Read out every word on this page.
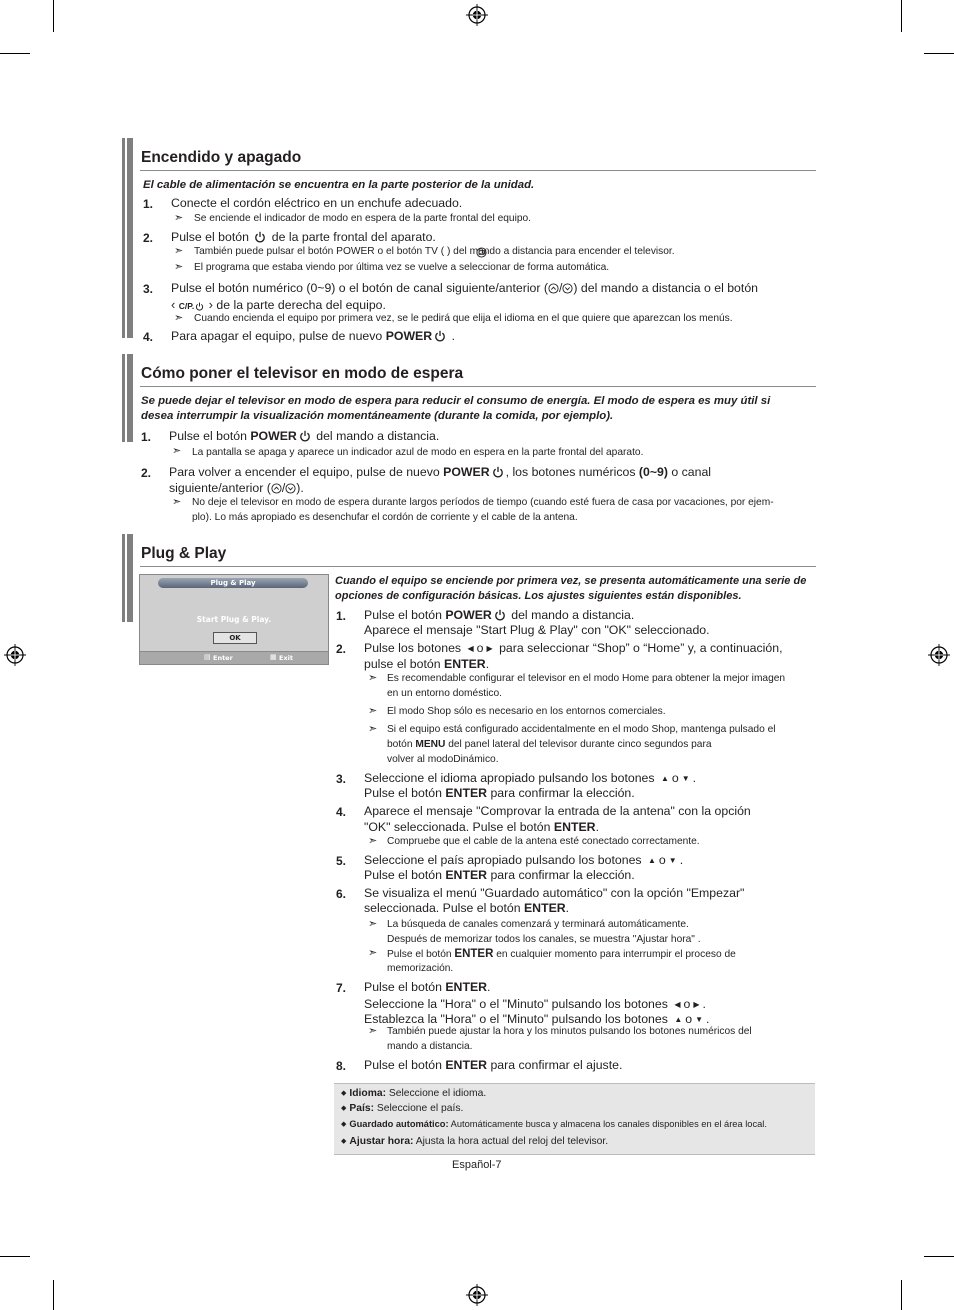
Encendido y apagado
El cable de alimentación se encuentra en la parte posterior de la unidad.
1. Conecte el cordón eléctrico en un enchufe adecuado.
➣ Se enciende el indicador de modo en espera de la parte frontal del equipo.
2. Pulse el botón de la parte frontal del aparato.
➣ También puede pulsar el botón POWER o el botón TV ( ) del mando a distancia para encender el televisor.
➣ El programa que estaba viendo por última vez se vuelve a seleccionar de forma automática.
3. Pulse el botón numérico (0~9) o el botón de canal siguiente/anterior ( / ) del mando a distancia o el botón
‹ C/P. › de la parte derecha del equipo.
➣ Cuando encienda el equipo por primera vez, se le pedirá que elija el idioma en el que quiere que aparezcan los menús.
4. Para apagar el equipo, pulse de nuevo POWER .
Cómo poner el televisor en modo de espera
Se puede dejar el televisor en modo de espera para reducir el consumo de energía. El modo de espera es muy útil si
desea interrumpir la visualización momentáneamente (durante la comida, por ejemplo).
1. Pulse el botón POWER del mando a distancia.
➣ La pantalla se apaga y aparece un indicador azul de modo en espera en la parte frontal del aparato.
2. Para volver a encender el equipo, pulse de nuevo POWER , los botones numéricos (0~9) o canal
siguiente/anterior ( / ).
➣ No deje el televisor en modo de espera durante largos períodos de tiempo (cuando esté fuera de casa por vacaciones, por ejem-
plo). Lo más apropiado es desenchufar el cordón de corriente y el cable de la antena.
Plug & Play
Plug & Play
Start Plug & Play.
OK
▤ Enter	▦ Exit
Cuando el equipo se enciende por primera vez, se presenta automáticamente una serie de
opciones de configuración básicas. Los ajustes siguientes están disponibles.
1. Pulse el botón POWER del mando a distancia.
Aparece el mensaje "Start Plug & Play" con "OK" seleccionado.
2. Pulse los botones ◀ o ▶ para seleccionar “Shop” o “Home” y, a continuación,
pulse el botón ENTER.
➣ Es recomendable configurar el televisor en el modo Home para obtener la mejor imagen
en un entorno doméstico.
➣ El modo Shop sólo es necesario en los entornos comerciales.
➣ Si el equipo está configurado accidentalmente en el modo Shop, mantenga pulsado el
botón MENU del panel lateral del televisor durante cinco segundos para
volver al modoDinámico.
3. Seleccione el idioma apropiado pulsando los botones ▲ o ▼ .
Pulse el botón ENTER para confirmar la elección.
4. Aparece el mensaje "Comprovar la entrada de la antena" con la opción
"OK" seleccionada. Pulse el botón ENTER.
➣ Compruebe que el cable de la antena esté conectado correctamente.
5. Seleccione el país apropiado pulsando los botones ▲ o ▼ .
Pulse el botón ENTER para confirmar la elección.
6. Se visualiza el menú "Guardado automático" con la opción "Empezar"
seleccionada. Pulse el botón ENTER.
➣ La búsqueda de canales comenzará y terminará automáticamente.
Después de memorizar todos los canales, se muestra "Ajustar hora" .
➣ Pulse el botón ENTER en cualquier momento para interrumpir el proceso de
memorización.
7. Pulse el botón ENTER.
Seleccione la "Hora" o el "Minuto" pulsando los botones ◀ o ▶ .
Establezca la "Hora" o el "Minuto" pulsando los botones ▲ o ▼ .
➣ También puede ajustar la hora y los minutos pulsando los botones numéricos del
mando a distancia.
8. Pulse el botón ENTER para confirmar el ajuste.
◆ Idioma: Seleccione el idioma.
◆ País: Seleccione el país.
◆ Guardado automático: Automáticamente busca y almacena los canales disponibles en el área local.
◆ Ajustar hora: Ajusta la hora actual del reloj del televisor.
Español-7
